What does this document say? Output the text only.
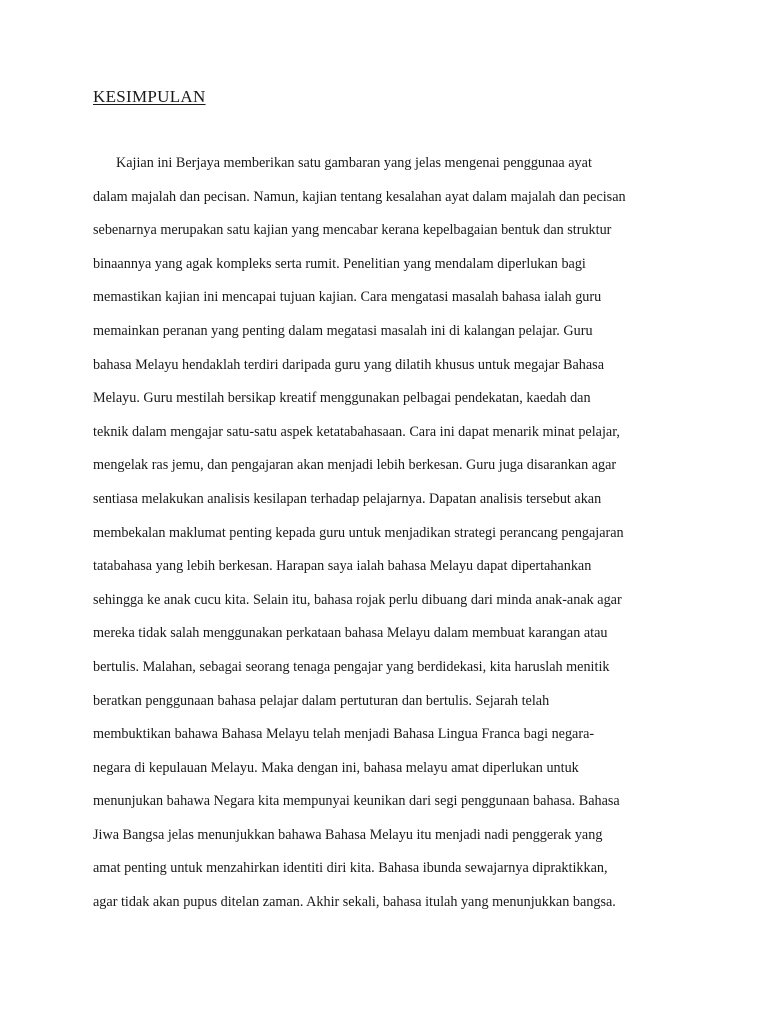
KESIMPULAN
Kajian ini Berjaya memberikan satu gambaran yang jelas mengenai penggunaa ayat
dalam majalah dan pecisan. Namun, kajian tentang kesalahan ayat dalam majalah dan pecisan
sebenarnya merupakan satu kajian yang mencabar kerana kepelbagaian bentuk dan struktur
binaannya yang agak kompleks serta rumit. Penelitian yang mendalam diperlukan bagi
memastikan kajian ini mencapai tujuan kajian. Cara mengatasi masalah bahasa ialah guru
memainkan peranan yang penting dalam megatasi masalah ini di kalangan pelajar. Guru
bahasa Melayu hendaklah terdiri daripada guru yang dilatih khusus untuk megajar Bahasa
Melayu. Guru mestilah bersikap kreatif menggunakan pelbagai pendekatan, kaedah dan
teknik dalam mengajar satu-satu aspek ketatabahasaan. Cara ini dapat menarik minat pelajar,
mengelak ras jemu, dan pengajaran akan menjadi lebih berkesan. Guru juga disarankan agar
sentiasa melakukan analisis kesilapan terhadap pelajarnya. Dapatan analisis tersebut akan
membekalan maklumat penting kepada guru untuk menjadikan strategi perancang pengajaran
tatabahasa yang lebih berkesan. Harapan saya ialah bahasa Melayu dapat dipertahankan
sehingga ke anak cucu kita. Selain itu, bahasa rojak perlu dibuang dari minda anak-anak agar
mereka tidak salah menggunakan perkataan bahasa Melayu dalam membuat karangan atau
bertulis. Malahan, sebagai seorang tenaga pengajar yang berdidekasi, kita haruslah menitik
beratkan penggunaan bahasa pelajar dalam pertuturan dan bertulis. Sejarah telah
membuktikan bahawa Bahasa Melayu telah menjadi Bahasa Lingua Franca bagi negara-
negara di kepulauan Melayu. Maka dengan ini, bahasa melayu amat diperlukan untuk
menunjukan bahawa Negara kita mempunyai keunikan dari segi penggunaan bahasa. Bahasa
Jiwa Bangsa jelas menunjukkan bahawa Bahasa Melayu itu menjadi nadi penggerak yang
amat penting untuk menzahirkan identiti diri kita. Bahasa ibunda sewajarnya dipraktikkan,
agar tidak akan pupus ditelan zaman. Akhir sekali, bahasa itulah yang menunjukkan bangsa.
